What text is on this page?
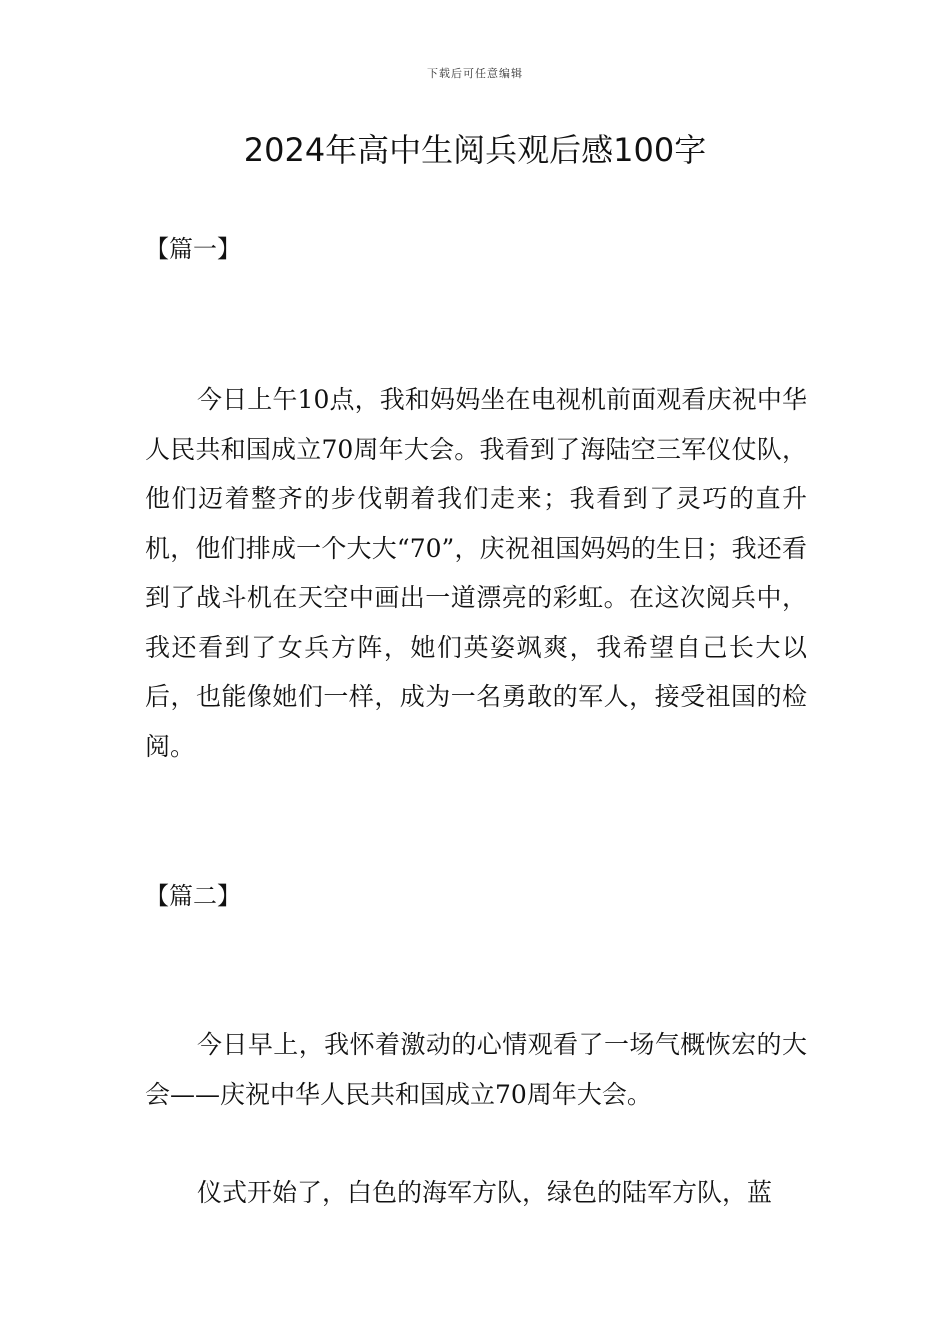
下载后可任意编辑
2024年高中生阅兵观后感100字
【篇一】

今日上午10点，我和妈妈坐在电视机前面观看庆祝中华人民共和国成立70周年大会。我看到了海陆空三军仪仗队，他们迈着整齐的步伐朝着我们走来；我看到了灵巧的直升机，他们排成一个大大“70”，庆祝祖国妈妈的生日；我还看到了战斗机在天空中画出一道漂亮的彩虹。在这次阅兵中，我还看到了女兵方阵，她们英姿飒爽，我希望自己长大以后，也能像她们一样，成为一名勇敢的军人，接受祖国的检阅。

【篇二】

今日早上，我怀着激动的心情观看了一场气概恢宏的大会——庆祝中华人民共和国成立70周年大会。

仪式开始了，白色的海军方队，绿色的陆军方队，蓝
